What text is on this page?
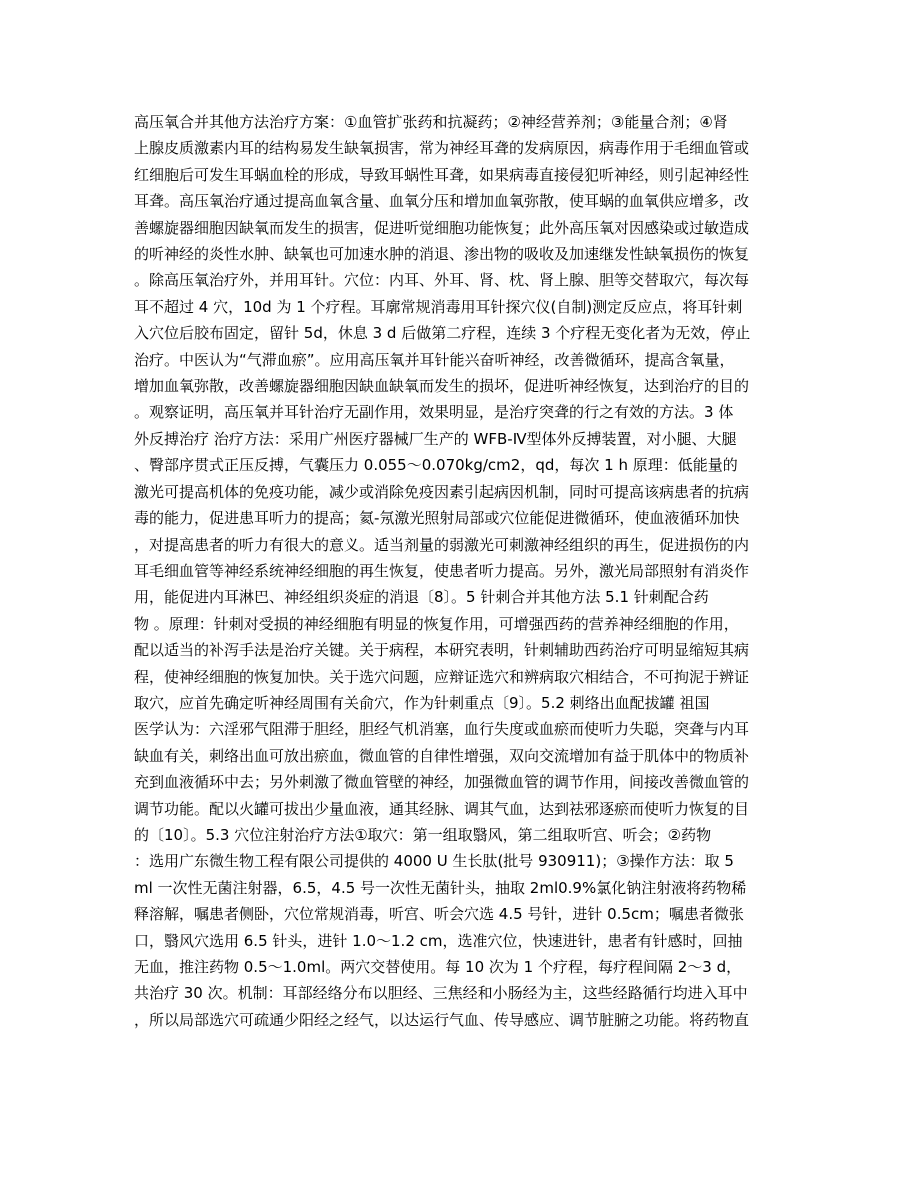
高压氧合并其他方法治疗方案：①血管扩张药和抗凝药；②神经营养剂；③能量合剂；④肾
上腺皮质激素内耳的结构易发生缺氧损害，常为神经耳聋的发病原因，病毒作用于毛细血管或
红细胞后可发生耳蜗血栓的形成，导致耳蜗性耳聋，如果病毒直接侵犯听神经，则引起神经性
耳聋。高压氧治疗通过提高血氧含量、血氧分压和增加血氧弥散，使耳蜗的血氧供应增多，改
善螺旋器细胞因缺氧而发生的损害，促进听觉细胞功能恢复；此外高压氧对因感染或过敏造成
的听神经的炎性水肿、缺氧也可加速水肿的消退、渗出物的吸收及加速继发性缺氧损伤的恢复
。除高压氧治疗外，并用耳针。穴位：内耳、外耳、肾、枕、肾上腺、胆等交替取穴，每次每
耳不超过 4 穴，10d 为 1 个疗程。耳廓常规消毒用耳针探穴仪(自制)测定反应点，将耳针刺
入穴位后胶布固定，留针 5d，休息 3 d 后做第二疗程，连续 3 个疗程无变化者为无效，停止
治疗。中医认为“气滞血瘀”。应用高压氧并耳针能兴奋听神经，改善微循环，提高含氧量，
增加血氧弥散，改善螺旋器细胞因缺血缺氧而发生的损坏，促进听神经恢复，达到治疗的目的
。观察证明，高压氧并耳针治疗无副作用，效果明显，是治疗突聋的行之有效的方法。3 体
外反搏治疗 治疗方法：采用广州医疗器械厂生产的 WFB-Ⅳ型体外反搏装置，对小腿、大腿
、臀部序贯式正压反搏，气囊压力 0.055～0.070kg/cm2，qd，每次 1 h 原理：低能量的
激光可提高机体的免疫功能，减少或消除免疫因素引起病因机制，同时可提高该病患者的抗病
毒的能力，促进患耳听力的提高；氦-氖激光照射局部或穴位能促进微循环，使血液循环加快
，对提高患者的听力有很大的意义。适当剂量的弱激光可刺激神经组织的再生，促进损伤的内
耳毛细血管等神经系统神经细胞的再生恢复，使患者听力提高。另外，激光局部照射有消炎作
用，能促进内耳淋巴、神经组织炎症的消退〔8〕。5 针刺合并其他方法 5.1 针刺配合药
物 。原理：针刺对受损的神经细胞有明显的恢复作用，可增强西药的营养神经细胞的作用，
配以适当的补泻手法是治疗关键。关于病程，本研究表明，针刺辅助西药治疗可明显缩短其病
程，使神经细胞的恢复加快。关于选穴问题，应辩证选穴和辨病取穴相结合，不可拘泥于辨证
取穴，应首先确定听神经周围有关俞穴，作为针刺重点〔9〕。5.2 刺络出血配拔罐 祖国
医学认为：六淫邪气阻滞于胆经，胆经气机消塞，血行失度或血瘀而使听力失聪，突聋与内耳
缺血有关，刺络出血可放出瘀血，微血管的自律性增强，双向交流增加有益于肌体中的物质补
充到血液循环中去；另外刺激了微血管壁的神经，加强微血管的调节作用，间接改善微血管的
调节功能。配以火罐可拔出少量血液，通其经脉、调其气血，达到祛邪逐瘀而使听力恢复的目
的〔10〕。5.3 穴位注射治疗方法①取穴：第一组取翳风，第二组取听宫、听会；②药物
：选用广东微生物工程有限公司提供的 4000 U 生长肽(批号 930911)；③操作方法：取 5
ml 一次性无菌注射器，6.5，4.5 号一次性无菌针头，抽取 2ml0.9%氯化钠注射液将药物稀
释溶解，嘱患者侧卧，穴位常规消毒，听宫、听会穴选 4.5 号针，进针 0.5cm；嘱患者微张
口，翳风穴选用 6.5 针头，进针 1.0～1.2 cm，选准穴位，快速进针，患者有针感时，回抽
无血，推注药物 0.5～1.0ml。两穴交替使用。每 10 次为 1 个疗程，每疗程间隔 2～3 d，
共治疗 30 次。机制：耳部经络分布以胆经、三焦经和小肠经为主，这些经路循行均进入耳中
，所以局部选穴可疏通少阳经之经气，以达运行气血、传导感应、调节脏腑之功能。将药物直
